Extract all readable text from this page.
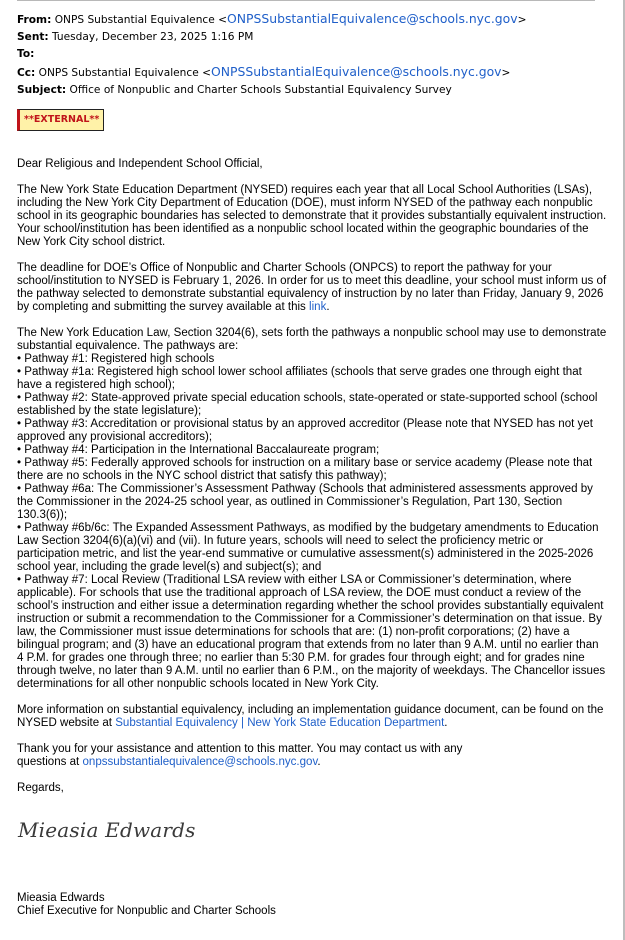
From: ONPS Substantial Equivalence <ONPSSubstantialEquivalence@schools.nyc.gov>
Sent: Tuesday, December 23, 2025 1:16 PM
To:
Cc: ONPS Substantial Equivalence <ONPSSubstantialEquivalence@schools.nyc.gov>
Subject: Office of Nonpublic and Charter Schools Substantial Equivalency Survey
**EXTERNAL**

Dear Religious and Independent School Official,

The New York State Education Department (NYSED) requires each year that all Local School Authorities (LSAs), including the New York City Department of Education (DOE), must inform NYSED of the pathway each nonpublic school in its geographic boundaries has selected to demonstrate that it provides substantially equivalent instruction. Your school/institution has been identified as a nonpublic school located within the geographic boundaries of the New York City school district.

The deadline for DOE’s Office of Nonpublic and Charter Schools (ONPCS) to report the pathway for your school/institution to NYSED is February 1, 2026. In order for us to meet this deadline, your school must inform us of the pathway selected to demonstrate substantial equivalency of instruction by no later than Friday, January 9, 2026 by completing and submitting the survey available at this link.

The New York Education Law, Section 3204(6), sets forth the pathways a nonpublic school may use to demonstrate substantial equivalence. The pathways are:
• Pathway #1: Registered high schools
• Pathway #1a: Registered high school lower school affiliates (schools that serve grades one through eight that have a registered high school);
• Pathway #2: State-approved private special education schools, state-operated or state-supported school (school established by the state legislature);
• Pathway #3: Accreditation or provisional status by an approved accreditor (Please note that NYSED has not yet approved any provisional accreditors);
• Pathway #4: Participation in the International Baccalaureate program;
• Pathway #5: Federally approved schools for instruction on a military base or service academy (Please note that there are no schools in the NYC school district that satisfy this pathway);
• Pathway #6a: The Commissioner’s Assessment Pathway (Schools that administered assessments approved by the Commissioner in the 2024-25 school year, as outlined in Commissioner’s Regulation, Part 130, Section 130.3(6));
• Pathway #6b/6c: The Expanded Assessment Pathways, as modified by the budgetary amendments to Education Law Section 3204(6)(a)(vi) and (vii). In future years, schools will need to select the proficiency metric or participation metric, and list the year-end summative or cumulative assessment(s) administered in the 2025-2026 school year, including the grade level(s) and subject(s); and
• Pathway #7: Local Review (Traditional LSA review with either LSA or Commissioner’s determination, where applicable). For schools that use the traditional approach of LSA review, the DOE must conduct a review of the school’s instruction and either issue a determination regarding whether the school provides substantially equivalent instruction or submit a recommendation to the Commissioner for a Commissioner’s determination on that issue. By law, the Commissioner must issue determinations for schools that are: (1) non-profit corporations; (2) have a bilingual program; and (3) have an educational program that extends from no later than 9 A.M. until no earlier than 4 P.M. for grades one through three; no earlier than 5:30 P.M. for grades four through eight; and for grades nine through twelve, no later than 9 A.M. until no earlier than 6 P.M., on the majority of weekdays. The Chancellor issues determinations for all other nonpublic schools located in New York City.

More information on substantial equivalency, including an implementation guidance document, can be found on the NYSED website at Substantial Equivalency | New York State Education Department.

Thank you for your assistance and attention to this matter. You may contact us with any
questions at onpssubstantialequivalence@schools.nyc.gov.

Regards,

Mieasia Edwards
Mieasia Edwards
Chief Executive for Nonpublic and Charter Schools
